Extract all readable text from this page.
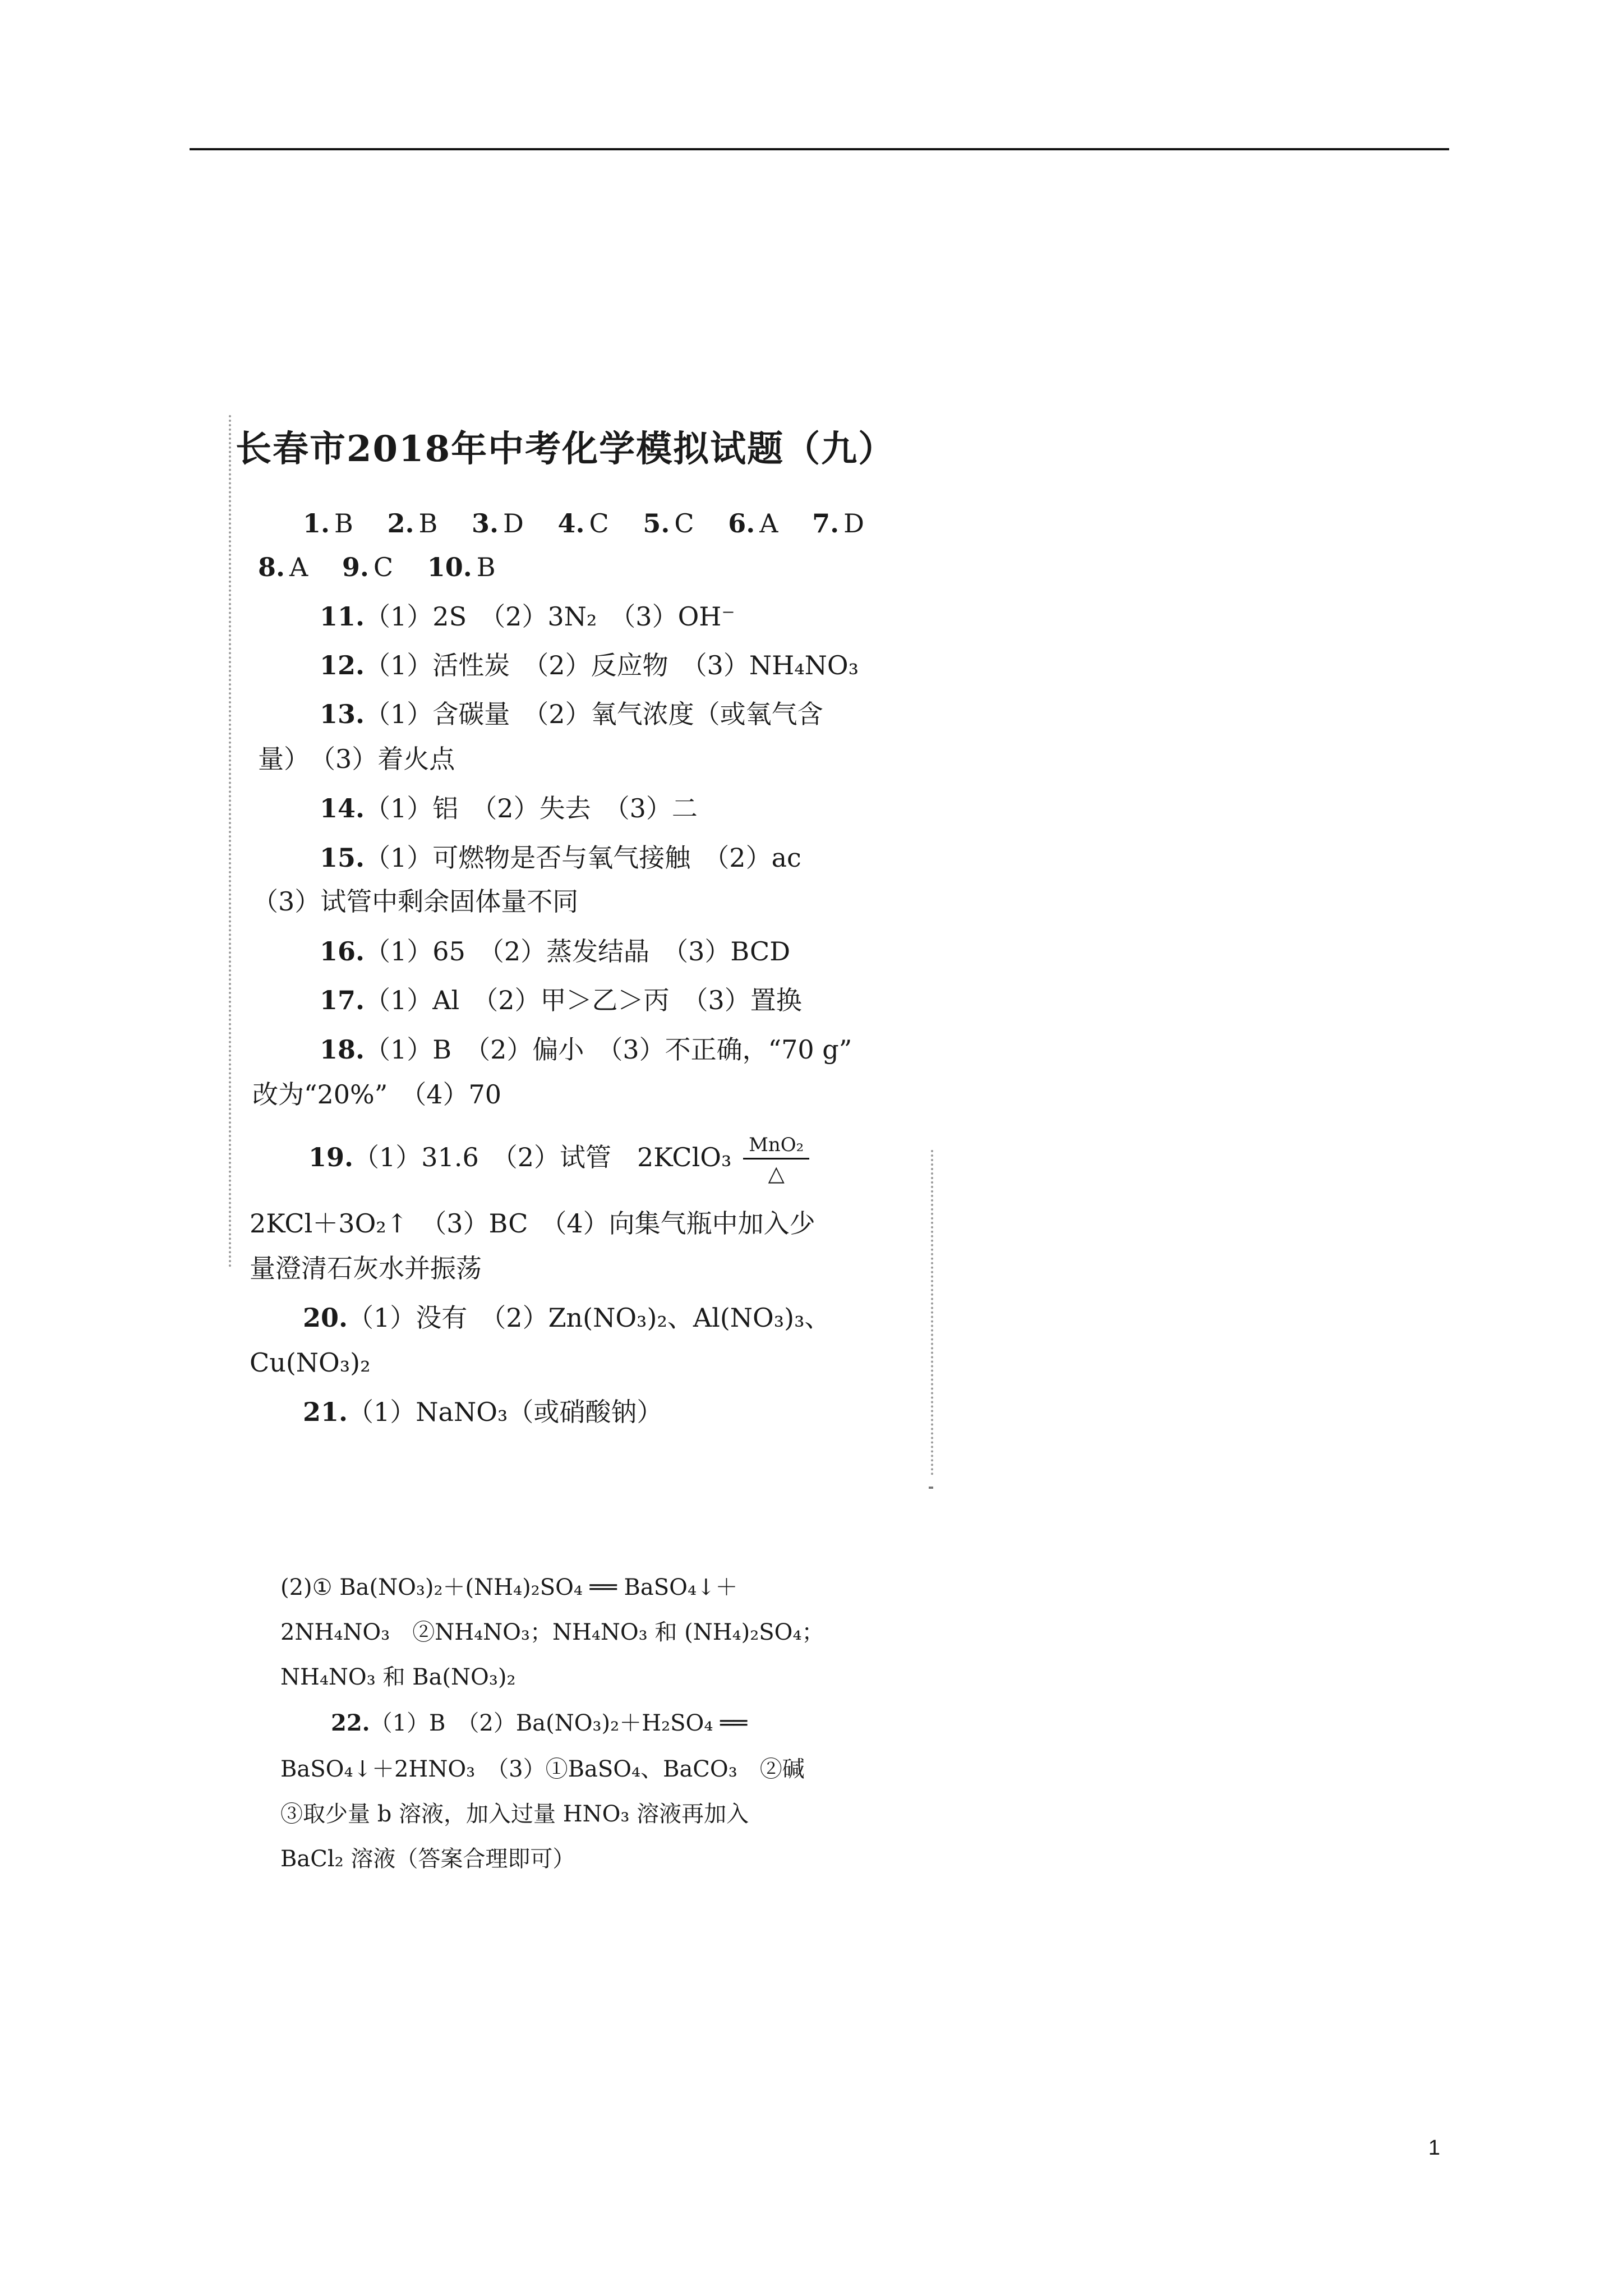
长春市2018年中考化学模拟试题（九）
1. B 2. B 3. D 4. C 5. C 6. A 7. D
8. A 9. C 10. B
11.（1）2S　（2）3N₂　（3）OH⁻
12.（1）活性炭　（2）反应物　（3）NH₄NO₃
13.（1）含碳量　（2）氧气浓度（或氧气含
量）　（3）着火点
14.（1）铝　（2）失去　（3）二
15.（1）可燃物是否与氧气接触　（2）ac
（3）试管中剩余固体量不同
16.（1）65　（2）蒸发结晶　（3）BCD
17.（1）Al　（2）甲＞乙＞丙　（3）置换
18.（1）B　（2）偏小　（3）不正确，“70 g”
改为“20%”　（4）70
19.（1）31.6　（2）试管　2KClO₃ $\frac{\text{MnO₂}}{\triangle}$
2KCl＋3O₂↑　（3）BC　（4）向集气瓶中加入少
量澄清石灰水并振荡
20.（1）没有　（2）Zn(NO₃)₂、Al(NO₃)₃、
Cu(NO₃)₂
21.（1）NaNO₃（或硝酸钠）
(2)① Ba(NO₃)₂＋(NH₄)₂SO₄ ══ BaSO₄↓＋
2NH₄NO₃　②NH₄NO₃；NH₄NO₃ 和 (NH₄)₂SO₄；
NH₄NO₃ 和 Ba(NO₃)₂
22.（1）B　（2）Ba(NO₃)₂＋H₂SO₄ ══
BaSO₄↓＋2HNO₃　（3）①BaSO₄、BaCO₃　②碱
③取少量 b 溶液，加入过量 HNO₃ 溶液再加入
BaCl₂ 溶液（答案合理即可）
1
